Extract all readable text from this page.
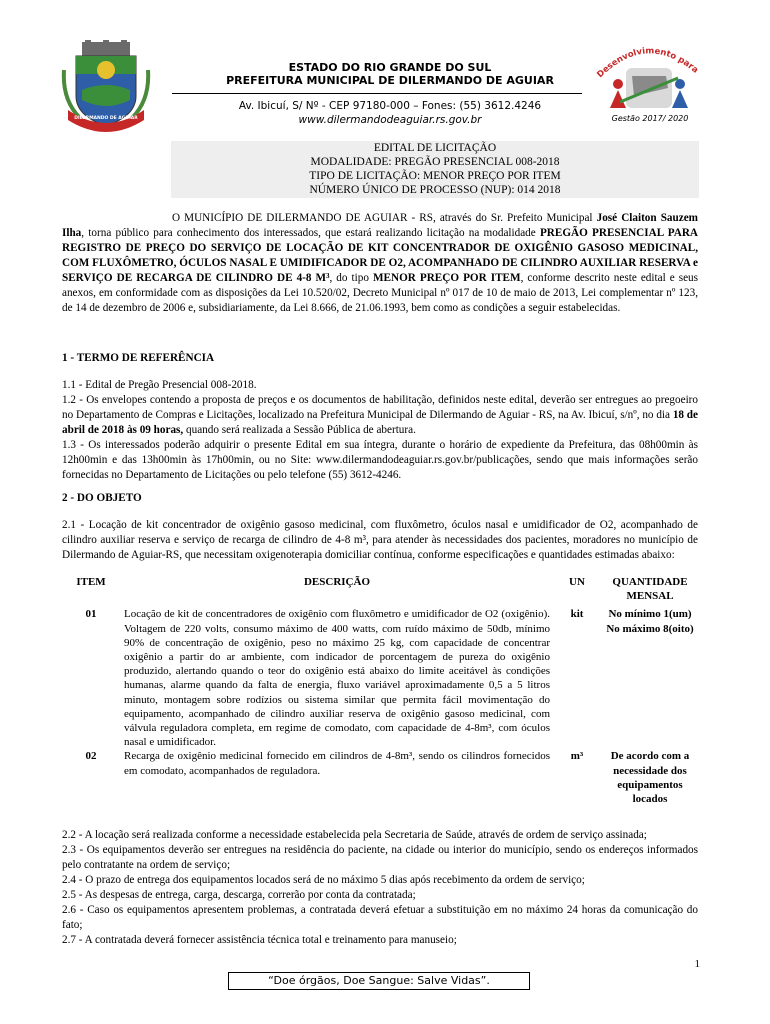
DILERMANDO DE AGUIAR
ESTADO DO RIO GRANDE DO SUL
PREFEITURA MUNICIPAL DE DILERMANDO DE AGUIAR
Av. Ibicuí, S/ Nº - CEP 97180-000 – Fones: (55) 3612.4246
www.dilermandodeaguiar.rs.gov.br
Desenvolvimento para
Gestão 2017/ 2020
EDITAL DE LICITAÇÃO
MODALIDADE: PREGÃO PRESENCIAL 008-2018
TIPO DE LICITAÇÃO: MENOR PREÇO POR ITEM
NÚMERO ÚNICO DE PROCESSO (NUP): 014 2018
O MUNICÍPIO DE DILERMANDO DE AGUIAR - RS, através do Sr. Prefeito Municipal José Claiton Sauzem Ilha, torna público para conhecimento dos interessados, que estará realizando licitação na modalidade PREGÃO PRESENCIAL PARA REGISTRO DE PREÇO DO SERVIÇO DE LOCAÇÃO DE KIT CONCENTRADOR DE OXIGÊNIO GASOSO MEDICINAL, COM FLUXÔMETRO, ÓCULOS NASAL E UMIDIFICADOR DE O2, ACOMPANHADO DE CILINDRO AUXILIAR RESERVA e SERVIÇO DE RECARGA DE CILINDRO DE 4-8 M³, do tipo MENOR PREÇO POR ITEM, conforme descrito neste edital e seus anexos, em conformidade com as disposições da Lei 10.520/02, Decreto Municipal nº 017 de 10 de maio de 2013, Lei complementar nº 123, de 14 de dezembro de 2006 e, subsidiariamente, da Lei 8.666, de 21.06.1993, bem como as condições a seguir estabelecidas.
1 - TERMO DE REFERÊNCIA
1.1 - Edital de Pregão Presencial 008-2018.
1.2 - Os envelopes contendo a proposta de preços e os documentos de habilitação, definidos neste edital, deverão ser entregues ao pregoeiro no Departamento de Compras e Licitações, localizado na Prefeitura Municipal de Dilermando de Aguiar - RS, na Av. Ibicuí, s/nº, no dia 18 de abril de 2018 às 09 horas, quando será realizada a Sessão Pública de abertura.
1.3 - Os interessados poderão adquirir o presente Edital em sua íntegra, durante o horário de expediente da Prefeitura, das 08h00min às 12h00min e das 13h00min às 17h00min, ou no Site: www.dilermandodeaguiar.rs.gov.br/publicações, sendo que mais informações serão fornecidas no Departamento de Licitações ou pelo telefone (55) 3612-4246.
2 - DO OBJETO
2.1 - Locação de kit concentrador de oxigênio gasoso medicinal, com fluxômetro, óculos nasal e umidificador de O2, acompanhado de cilindro auxiliar reserva e serviço de recarga de cilindro de 4-8 m³, para atender às necessidades dos pacientes, moradores no município de Dilermando de Aguiar-RS, que necessitam oxigenoterapia domiciliar contínua, conforme especificações e quantidades estimadas abaixo:
ITEM	DESCRIÇÃO	UN	QUANTIDADE MENSAL
01	Locação de kit de concentradores de oxigênio com fluxômetro e umidificador de O2 (oxigênio). Voltagem de 220 volts, consumo máximo de 400 watts, com ruído máximo de 50db, mínimo 90% de concentração de oxigênio, peso no máximo 25 kg, com capacidade de concentrar oxigênio a partir do ar ambiente, com indicador de porcentagem de pureza do oxigênio produzido, alertando quando o teor do oxigênio está abaixo do limite aceitável às condições humanas, alarme quando da falta de energia, fluxo variável aproximadamente 0,5 a 5 litros minuto, montagem sobre rodízios ou sistema similar que permita fácil movimentação do equipamento, acompanhado de cilindro auxiliar reserva de oxigênio gasoso medicinal, com válvula reguladora completa, em regime de comodato, com capacidade de 4-8m³, com óculos nasal e umidificador.	kit	No mínimo 1(um)
No máximo 8(oito)

02	Recarga de oxigênio medicinal fornecido em cilindros de 4-8m³, sendo os cilindros fornecidos em comodato, acompanhados de reguladora.	m³	De acordo com a necessidade dos equipamentos locados
2.2 - A locação será realizada conforme a necessidade estabelecida pela Secretaria de Saúde, através de ordem de serviço assinada;
2.3 - Os equipamentos deverão ser entregues na residência do paciente, na cidade ou interior do município, sendo os endereços informados pelo contratante na ordem de serviço;
2.4 - O prazo de entrega dos equipamentos locados será de no máximo 5 dias após recebimento da ordem de serviço;
2.5 - As despesas de entrega, carga, descarga, correrão por conta da contratada;
2.6 - Caso os equipamentos apresentem problemas, a contratada deverá efetuar a substituição em no máximo 24 horas da comunicação do fato;
2.7 - A contratada deverá fornecer assistência técnica total e treinamento para manuseio;
1
“Doe órgãos, Doe Sangue: Salve Vidas”.
